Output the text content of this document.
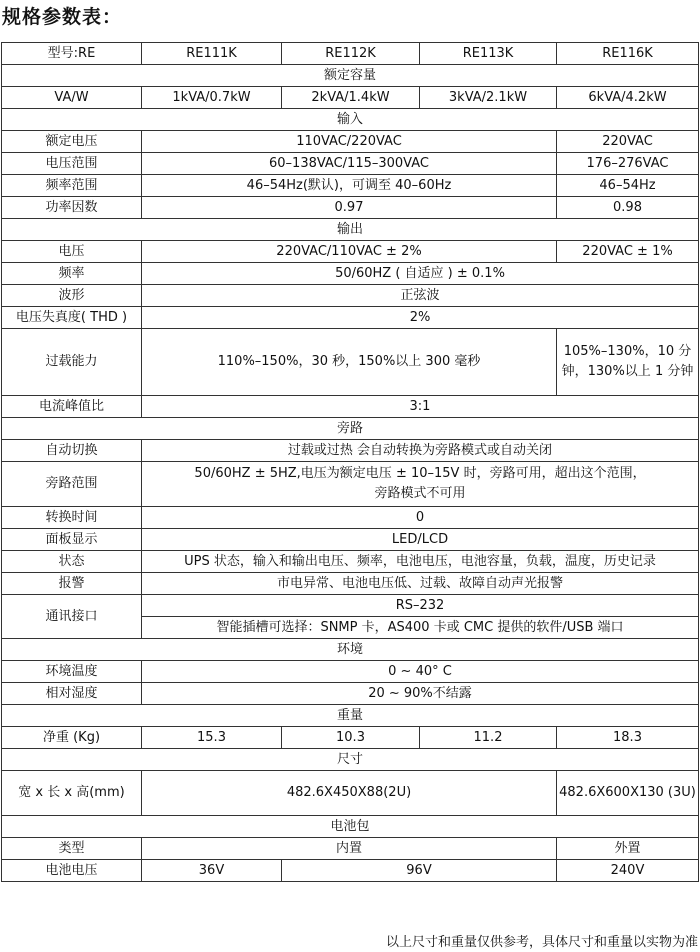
规格参数表：
型号:RE	RE111K	RE112K	RE113K	RE116K
额定容量				
VA/W	1kVA/0.7kW	2kVA/1.4kW	3kVA/2.1kW	6kVA/4.2kW
输入				
额定电压	110VAC/220VAC			220VAC
电压范围	60–138VAC/115–300VAC			176–276VAC
频率范围	46–54Hz(默认)，可调至 40–60Hz			46–54Hz
功率因数	0.97			0.98
输出				
电压	220VAC/110VAC ± 2%			220VAC ± 1%
频率	50/60HZ ( 自适应 ) ± 0.1%			
波形	正弦波			
电压失真度( THD )	2%			
过载能力	110%–150%，30 秒，150%以上 300 毫秒			105%–130%，10 分钟，130%以上 1 分钟
电流峰值比	3:1			
旁路				
自动切换	过载或过热 会自动转换为旁路模式或自动关闭			
旁路范围	50/60HZ ± 5HZ,电压为额定电压 ± 10–15V 时，旁路可用，超出这个范围，
旁路模式不可用			

转换时间	0			
面板显示	LED/LCD			
状态	UPS 状态，输入和输出电压、频率，电池电压，电池容量，负载，温度，历史记录			
报警	市电异常、电池电压低、过载、故障自动声光报警			
通讯接口	RS–232			
	智能插槽可选择：SNMP 卡，AS400 卡或 CMC 提供的软件/USB 端口			
环境				
环境温度	0 ~ 40° C			
相对湿度	20 ~ 90%不结露			
重量				
净重 (Kg)	15.3	10.3	11.2	18.3
尺寸				
宽 x 长 x 高(mm)	482.6X450X88(2U)			482.6X600X130 (3U)
电池包				
类型	内置			外置
电池电压	36V	96V		240V
以上尺寸和重量仅供参考，具体尺寸和重量以实物为准
